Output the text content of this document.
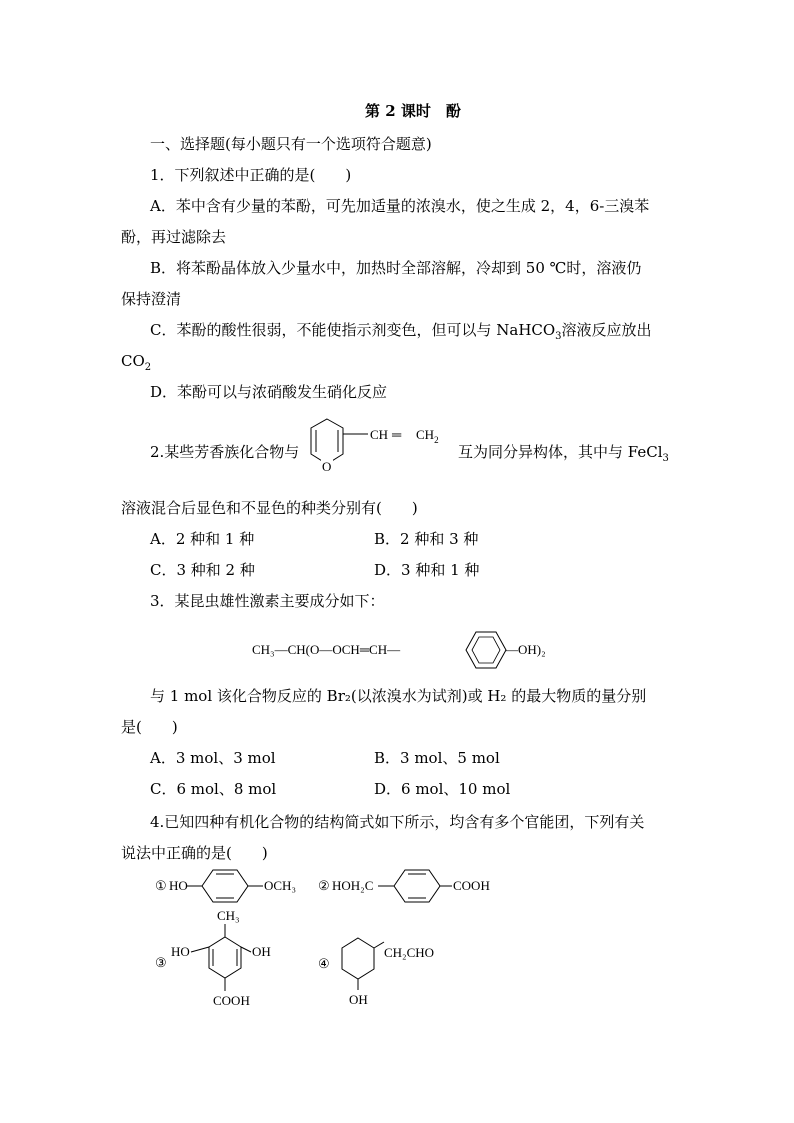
第 2 课时　酚
一、选择题(每小题只有一个选项符合题意)
1．下列叙述中正确的是(　　)
A．苯中含有少量的苯酚，可先加适量的浓溴水，使之生成 2，4，6-三溴苯
酚，再过滤除去
B．将苯酚晶体放入少量水中，加热时全部溶解，冷却到 50 ℃时，溶液仍
保持澄清
C．苯酚的酸性很弱，不能使指示剂变色，但可以与 NaHCO$_3$溶液反应放出
$CO_2$
D．苯酚可以与浓硝酸发生硝化反应
2.某些芳香族化合物与
O
CH ═ $CH_2$
互为同分异构体，其中与 FeCl$_3$
溶液混合后显色和不显色的种类分别有(　　)
A．2 种和 1 种	B．2 种和 3 种
C．3 种和 2 种	D．3 种和 1 种
3．某昆虫雄性激素主要成分如下：
CH₃—CH(O—OCH═CH—	—OH)₂
与 1 mol 该化合物反应的 Br₂(以浓溴水为试剂)或 H₂ 的最大物质的量分别
是(　　)
A．3 mol、3 mol	B．3 mol、5 mol
C．6 mol、8 mol	D．6 mol、10 mol
4.已知四种有机化合物的结构简式如下所示，均含有多个官能团，下列有关
说法中正确的是(　　)
① HO	OCH₃ ② HOH₂C	COOH
CH₃
③
HO	OH
COOH
④
CH₂CHO
OH
